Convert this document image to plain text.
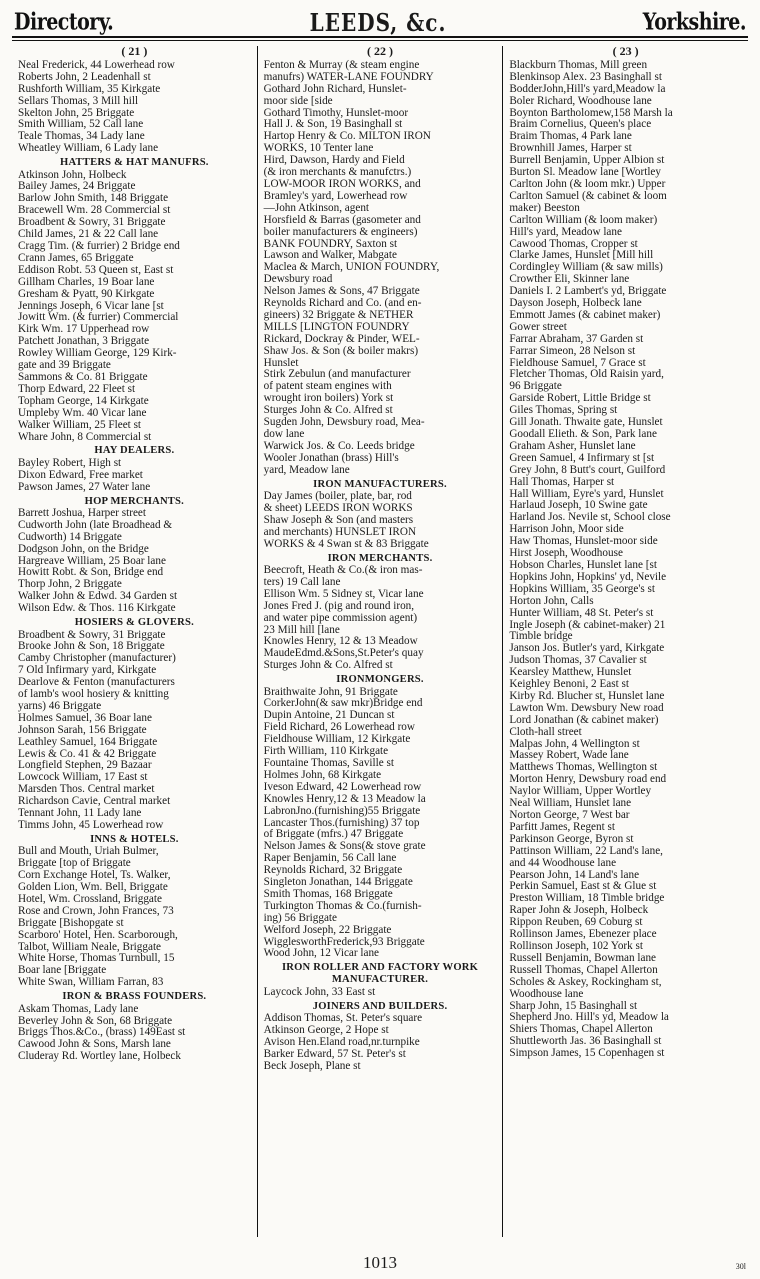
Directory.	LEEDS, &c.	Yorkshire.
( 21 )
Neal Frederick, 44 Lowerhead row
Roberts John, 2 Leadenhall st
Rushforth William, 35 Kirkgate
Sellars Thomas, 3 Mill hill
Skelton John, 25 Briggate
Smith William, 52 Call lane
Teale Thomas, 34 Lady lane
Wheatley William, 6 Lady lane
HATTERS & HAT MANUFRS.
Atkinson John, Holbeck
Bailey James, 24 Briggate
Barlow John Smith, 148 Briggate
Bracewell Wm. 28 Commercial st
Broadbent & Sowry, 31 Briggate
Child James, 21 & 22 Call lane
Cragg Tim. (& furrier) 2 Bridge end
Crann James, 65 Briggate
Eddison Robt. 53 Queen st, East st
Gillham Charles, 19 Boar lane
Gresham & Pyatt, 90 Kirkgate
Jennings Joseph, 6 Vicar lane [st
Jowitt Wm. (& furrier) Commercial
Kirk Wm. 17 Upperhead row
Patchett Jonathan, 3 Briggate
Rowley William George, 129 Kirk-
gate and 39 Briggate
Sammons & Co. 81 Briggate
Thorp Edward, 22 Fleet st
Topham George, 14 Kirkgate
Umpleby Wm. 40 Vicar lane
Walker William, 25 Fleet st
Whare John, 8 Commercial st
HAY DEALERS.
Bayley Robert, High st
Dixon Edward, Free market
Pawson James, 27 Water lane
HOP MERCHANTS.
Barrett Joshua, Harper street
Cudworth John (late Broadhead &
Cudworth) 14 Briggate
Dodgson John, on the Bridge
Hargreave William, 25 Boar lane
Howitt Robt. & Son, Bridge end
Thorp John, 2 Briggate
Walker John & Edwd. 34 Garden st
Wilson Edw. & Thos. 116 Kirkgate
HOSIERS & GLOVERS.
Broadbent & Sowry, 31 Briggate
Brooke John & Son, 18 Briggate
Camby Christopher (manufacturer)
7 Old Infirmary yard, Kirkgate
Dearlove & Fenton (manufacturers
of lamb's wool hosiery & knitting
yarns) 46 Briggate
Holmes Samuel, 36 Boar lane
Johnson Sarah, 156 Briggate
Leathley Samuel, 164 Briggate
Lewis & Co. 41 & 42 Briggate
Longfield Stephen, 29 Bazaar
Lowcock William, 17 East st
Marsden Thos. Central market
Richardson Cavie, Central market
Tennant John, 11 Lady lane
Timms John, 45 Lowerhead row
INNS & HOTELS.
Bull and Mouth, Uriah Bulmer,
Briggate [top of Briggate
Corn Exchange Hotel, Ts. Walker,
Golden Lion, Wm. Bell, Briggate
Hotel, Wm. Crossland, Briggate
Rose and Crown, John Frances, 73
Briggate [Bishopgate st
Scarboro' Hotel, Hen. Scarborough,
Talbot, William Neale, Briggate
White Horse, Thomas Turnbull, 15
Boar lane [Briggate
White Swan, William Farran, 83
IRON & BRASS FOUNDERS.
Askam Thomas, Lady lane
Beverley John & Son, 68 Briggate
Briggs Thos.&Co., (brass) 149East st
Cawood John & Sons, Marsh lane
Cluderay Rd. Wortley lane, Holbeck
( 22 )
Fenton & Murray (& steam engine
manufrs) WATER-LANE FOUNDRY
Gothard John Richard, Hunslet-
moor side [side
Gothard Timothy, Hunslet-moor
Hall J. & Son, 19 Basinghall st
Hartop Henry & Co. MILTON IRON
WORKS, 10 Tenter lane
Hird, Dawson, Hardy and Field
(& iron merchants & manufctrs.)
LOW-MOOR IRON WORKS, and
Bramley's yard, Lowerhead row
—John Atkinson, agent
Horsfield & Barras (gasometer and
boiler manufacturers & engineers)
BANK FOUNDRY, Saxton st
Lawson and Walker, Mabgate
Maclea & March, UNION FOUNDRY,
Dewsbury road
Nelson James & Sons, 47 Briggate
Reynolds Richard and Co. (and en-
gineers) 32 Briggate & NETHER
MILLS [LINGTON FOUNDRY
Rickard, Dockray & Pinder, WEL-
Shaw Jos. & Son (& boiler makrs)
Hunslet
Stirk Zebulun (and manufacturer
of patent steam engines with
wrought iron boilers) York st
Sturges John & Co. Alfred st
Sugden John, Dewsbury road, Mea-
dow lane
Warwick Jos. & Co. Leeds bridge
Wooler Jonathan (brass) Hill's
yard, Meadow lane
IRON MANUFACTURERS.
Day James (boiler, plate, bar, rod
& sheet) LEEDS IRON WORKS
Shaw Joseph & Son (and masters
and merchants) HUNSLET IRON
WORKS & 4 Swan st & 83 Briggate
IRON MERCHANTS.
Beecroft, Heath & Co.(& iron mas-
ters) 19 Call lane
Ellison Wm. 5 Sidney st, Vicar lane
Jones Fred J. (pig and round iron,
and water pipe commission agent)
23 Mill hill [lane
Knowles Henry, 12 & 13 Meadow
MaudeEdmd.&Sons,St.Peter's quay
Sturges John & Co. Alfred st
IRONMONGERS.
Braithwaite John, 91 Briggate
CorkerJohn(& saw mkr)Bridge end
Dupin Antoine, 21 Duncan st
Field Richard, 26 Lowerhead row
Fieldhouse William, 12 Kirkgate
Firth William, 110 Kirkgate
Fountaine Thomas, Saville st
Holmes John, 68 Kirkgate
Iveson Edward, 42 Lowerhead row
Knowles Henry,12 & 13 Meadow la
LabronJno.(furnishing)55 Briggate
Lancaster Thos.(furnishing) 37 top
of Briggate (mfrs.) 47 Briggate
Nelson James & Sons(& stove grate
Raper Benjamin, 56 Call lane
Reynolds Richard, 32 Briggate
Singleton Jonathan, 144 Briggate
Smith Thomas, 168 Briggate
Turkington Thomas & Co.(furnish-
ing) 56 Briggate
Welford Joseph, 22 Briggate
WigglesworthFrederick,93 Briggate
Wood John, 12 Vicar lane
IRON ROLLER AND FACTORY WORK MANUFACTURER.
Laycock John, 33 East st
JOINERS AND BUILDERS.
Addison Thomas, St. Peter's square
Atkinson George, 2 Hope st
Avison Hen.Eland road,nr.turnpike
Barker Edward, 57 St. Peter's st
Beck Joseph, Plane st
( 23 )
Blackburn Thomas, Mill green
Blenkinsop Alex. 23 Basinghall st
BodderJohn,Hill's yard,Meadow la
Boler Richard, Woodhouse lane
Boynton Bartholomew,158 Marsh la
Braim Cornelius, Queen's place
Braim Thomas, 4 Park lane
Brownhill James, Harper st
Burrell Benjamin, Upper Albion st
Burton Sl. Meadow lane [Wortley
Carlton John (& loom mkr.) Upper
Carlton Samuel (& cabinet & loom
maker) Beeston
Carlton William (& loom maker)
Hill's yard, Meadow lane
Cawood Thomas, Cropper st
Clarke James, Hunslet [Mill hill
Cordingley William (& saw mills)
Crowther Eli, Skinner lane
Daniels I. 2 Lambert's yd, Briggate
Dayson Joseph, Holbeck lane
Emmott James (& cabinet maker)
Gower street
Farrar Abraham, 37 Garden st
Farrar Simeon, 28 Nelson st
Fieldhouse Samuel, 7 Grace st
Fletcher Thomas, Old Raisin yard,
96 Briggate
Garside Robert, Little Bridge st
Giles Thomas, Spring st
Gill Jonath. Thwaite gate, Hunslet
Goodall Elieth. & Son, Park lane
Graham Asher, Hunslet lane
Green Samuel, 4 Infirmary st [st
Grey John, 8 Butt's court, Guilford
Hall Thomas, Harper st
Hall William, Eyre's yard, Hunslet
Harlaud Joseph, 10 Swine gate
Harland Jos. Nevile st, School close
Harrison John, Moor side
Haw Thomas, Hunslet-moor side
Hirst Joseph, Woodhouse
Hobson Charles, Hunslet lane [st
Hopkins John, Hopkins' yd, Nevile
Hopkins William, 35 George's st
Horton John, Calls
Hunter William, 48 St. Peter's st
Ingle Joseph (& cabinet-maker) 21
Timble bridge
Janson Jos. Butler's yard, Kirkgate
Judson Thomas, 37 Cavalier st
Kearsley Matthew, Hunslet
Keighley Benoni, 2 East st
Kirby Rd. Blucher st, Hunslet lane
Lawton Wm. Dewsbury New road
Lord Jonathan (& cabinet maker)
Cloth-hall street
Malpas John, 4 Wellington st
Massey Robert, Wade lane
Matthews Thomas, Wellington st
Morton Henry, Dewsbury road end
Naylor William, Upper Wortley
Neal William, Hunslet lane
Norton George, 7 West bar
Parfitt James, Regent st
Parkinson George, Byron st
Pattinson William, 22 Land's lane,
and 44 Woodhouse lane
Pearson John, 14 Land's lane
Perkin Samuel, East st & Glue st
Preston William, 18 Timble bridge
Raper John & Joseph, Holbeck
Rippon Reuben, 69 Coburg st
Rollinson James, Ebenezer place
Rollinson Joseph, 102 York st
Russell Benjamin, Bowman lane
Russell Thomas, Chapel Allerton
Scholes & Askey, Rockingham st,
Woodhouse lane
Sharp John, 15 Basinghall st
Shepherd Jno. Hill's yd, Meadow la
Shiers Thomas, Chapel Allerton
Shuttleworth Jas. 36 Basinghall st
Simpson James, 15 Copenhagen st
1013	30l
